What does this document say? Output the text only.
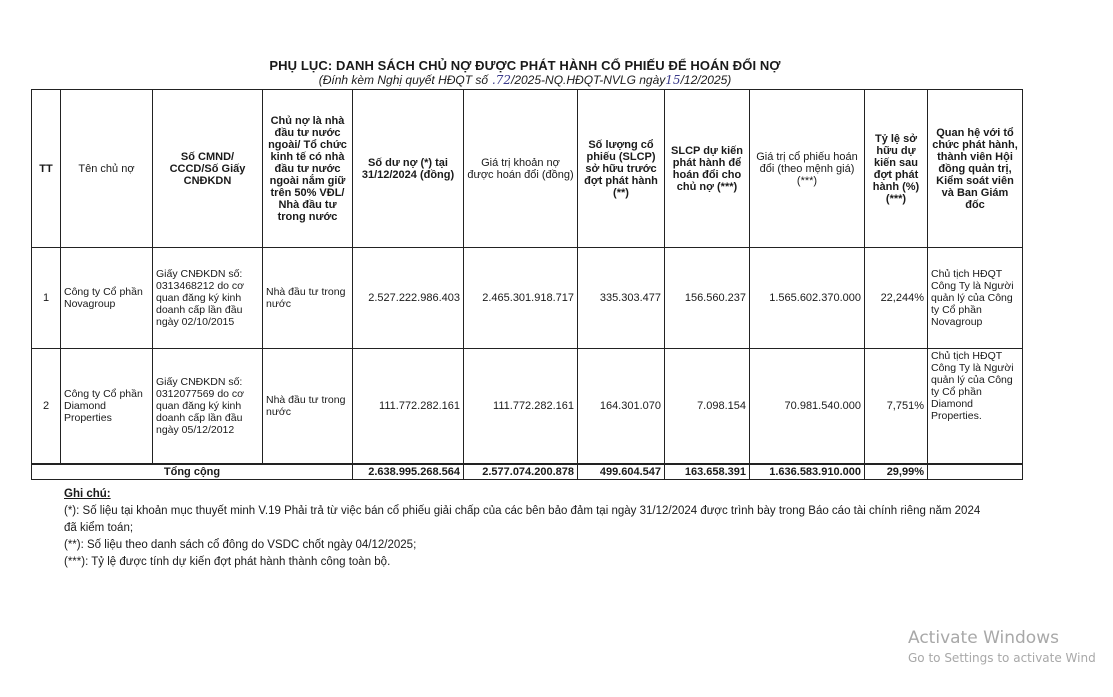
PHỤ LỤC: DANH SÁCH CHỦ NỢ ĐƯỢC PHÁT HÀNH CỔ PHIẾU ĐỂ HOÁN ĐỔI NỢ
(Đính kèm Nghị quyết HĐQT số .72/2025-NQ.HĐQT-NVLG ngày15/12/2025)
TT	Tên chủ nợ	Số CMND/ CCCD/Số Giấy CNĐKDN	Chủ nợ là nhà đầu tư nước ngoài/ Tổ chức kinh tế có nhà đầu tư nước ngoài nắm giữ trên 50% VĐL/ Nhà đầu tư trong nước	Số dư nợ (*) tại 31/12/2024 (đồng)	Giá trị khoản nợ được hoán đổi (đồng)	Số lượng cổ phiếu (SLCP) sở hữu trước đợt phát hành (**)	SLCP dự kiến phát hành để hoán đổi cho chủ nợ (***)	Giá trị cổ phiếu hoán đổi (theo mệnh giá) (***)	Tỷ lệ sở hữu dự kiến sau đợt phát hành (%) (***)	Quan hệ với tổ chức phát hành, thành viên Hội đồng quản trị, Kiểm soát viên và Ban Giám đốc
1	Công ty Cổ phần Novagroup	Giấy CNĐKDN số: 0313468212 do cơ quan đăng ký kinh doanh cấp lần đầu ngày 02/10/2015	Nhà đầu tư trong nước	2.527.222.986.403	2.465.301.918.717	335.303.477	156.560.237	1.565.602.370.000	22,244%	Chủ tịch HĐQT Công Ty là Người quản lý của Công ty Cổ phần Novagroup
2	Công ty Cổ phần Diamond Properties	Giấy CNĐKDN số: 0312077569 do cơ quan đăng ký kinh doanh cấp lần đầu ngày 05/12/2012	Nhà đầu tư trong nước	111.772.282.161	111.772.282.161	164.301.070	7.098.154	70.981.540.000	7,751%	Chủ tịch HĐQT Công Ty là Người quản lý của Công ty Cổ phần Diamond Properties.
Tổng cộng				2.638.995.268.564	2.577.074.200.878	499.604.547	163.658.391	1.636.583.910.000	29,99%	
Ghi chú:
(*): Số liệu tại khoản mục thuyết minh V.19 Phải trả từ việc bán cổ phiếu giải chấp của các bên bảo đảm tại ngày 31/12/2024 được trình bày trong Báo cáo tài chính riêng năm 2024 đã kiểm toán;
(**): Số liệu theo danh sách cổ đông do VSDC chốt ngày 04/12/2025;
(***): Tỷ lệ được tính dự kiến đợt phát hành thành công toàn bộ.
Activate Windows
Go to Settings to activate Wind
